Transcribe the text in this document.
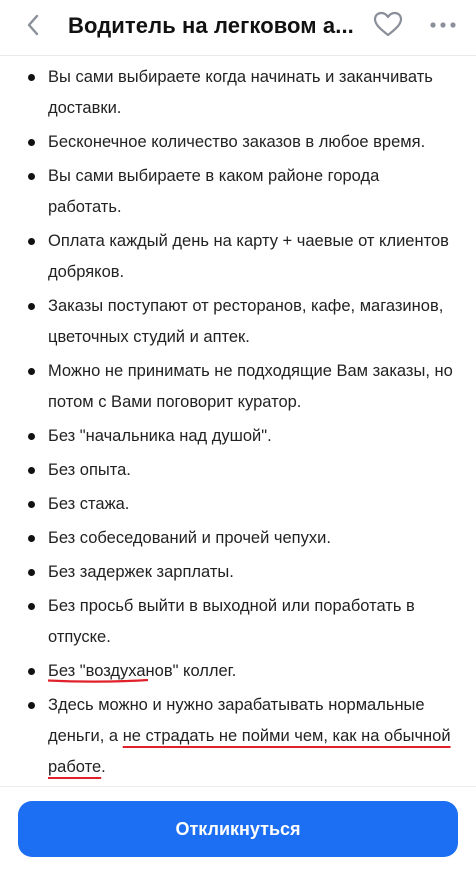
Водитель на легковом а...
Вы сами выбираете когда начинать и заканчивать доставки.
Бесконечное количество заказов в любое время.
Вы сами выбираете в каком районе города работать.
Оплата каждый день на карту + чаевые от клиентов добряков.
Заказы поступают от ресторанов, кафе, магазинов, цветочных студий и аптек.
Можно не принимать не подходящие Вам заказы, но потом с Вами поговорит куратор.
Без "начальника над душой".
Без опыта.
Без стажа.
Без собеседований и прочей чепухи.
Без задержек зарплаты.
Без просьб выйти в выходной или поработать в отпуске.
Без "воздуханов" коллег.
Здесь можно и нужно зарабатывать нормальные деньги, а не страдать не пойми чем, как на обычной работе.
Откликнуться
